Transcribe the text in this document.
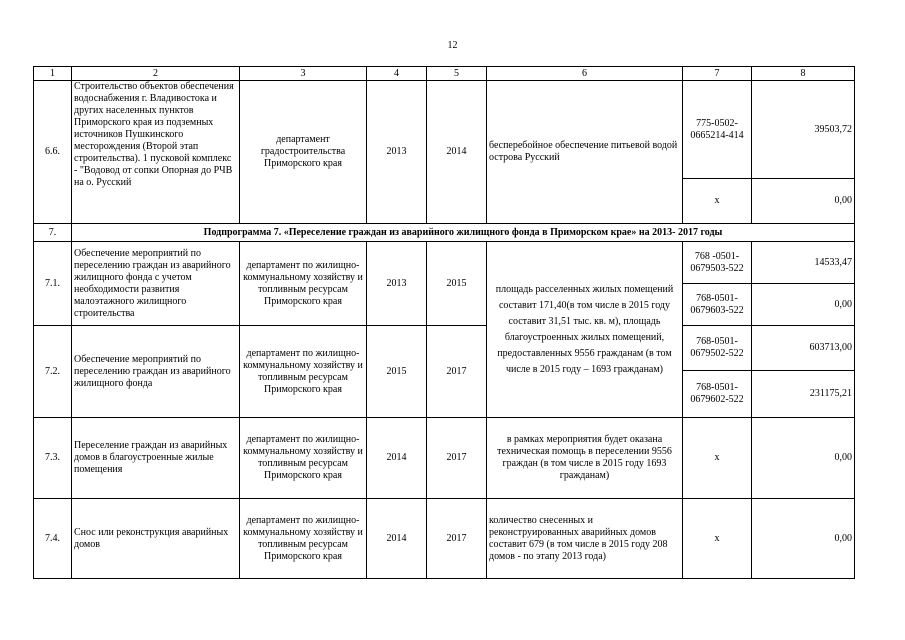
12
1	2	3	4	5	6	7	8
6.6.	Строительство объектов обеспечения водоснабжения г. Владивостока и других населенных пунктов Приморского края из подземных источников Пушкинского месторождения (Второй этап строительства). 1 пусковой комплекс - "Водовод от сопки Опорная до РЧВ на о. Русский	департамент градостроительства Приморского края	2013	2014	бесперебойное обеспечение питьевой водой острова Русский	775-0502-0665214-414	39503,72
						x	0,00
7.	Подпрограмма 7. «Переселение граждан из аварийного жилищного фонда в Приморском крае» на 2013- 2017 годы						
7.1.	Обеспечение мероприятий по переселению граждан из аварийного жилищного фонда с учетом необходимости развития малоэтажного жилищного строительства	департамент по жилищно-коммунальному хозяйству и топливным ресурсам Приморского края	2013	2015	площадь расселенных жилых помещений составит 171,40(в том числе в 2015 году составит 31,51 тыс. кв. м), площадь благоустроенных жилых помещений, предоставленных 9556 гражданам (в том числе в 2015 году – 1693 гражданам)	768 -0501-0679503-522	14533,47
						768-0501-0679603-522	0,00
7.2.	Обеспечение мероприятий по переселению граждан из аварийного жилищного фонда	департамент по жилищно-коммунальному хозяйству и топливным ресурсам Приморского края	2015	2017		768-0501-0679502-522	603713,00
						768-0501-0679602-522	231175,21
7.3.	Переселение граждан из аварийных домов в благоустроенные жилые помещения	департамент по жилищно-коммунальному хозяйству и топливным ресурсам Приморского края	2014	2017	в рамках мероприятия будет оказана техническая помощь в переселении 9556 граждан (в том числе в 2015 году 1693 гражданам)	x	0,00
7.4.	Снос или реконструкция аварийных домов	департамент по жилищно-коммунальному хозяйству и топливным ресурсам Приморского края	2014	2017	количество снесенных и реконструированных аварийных домов составит 679 (в том числе в 2015 году 208 домов - по этапу 2013 года)	x	0,00
